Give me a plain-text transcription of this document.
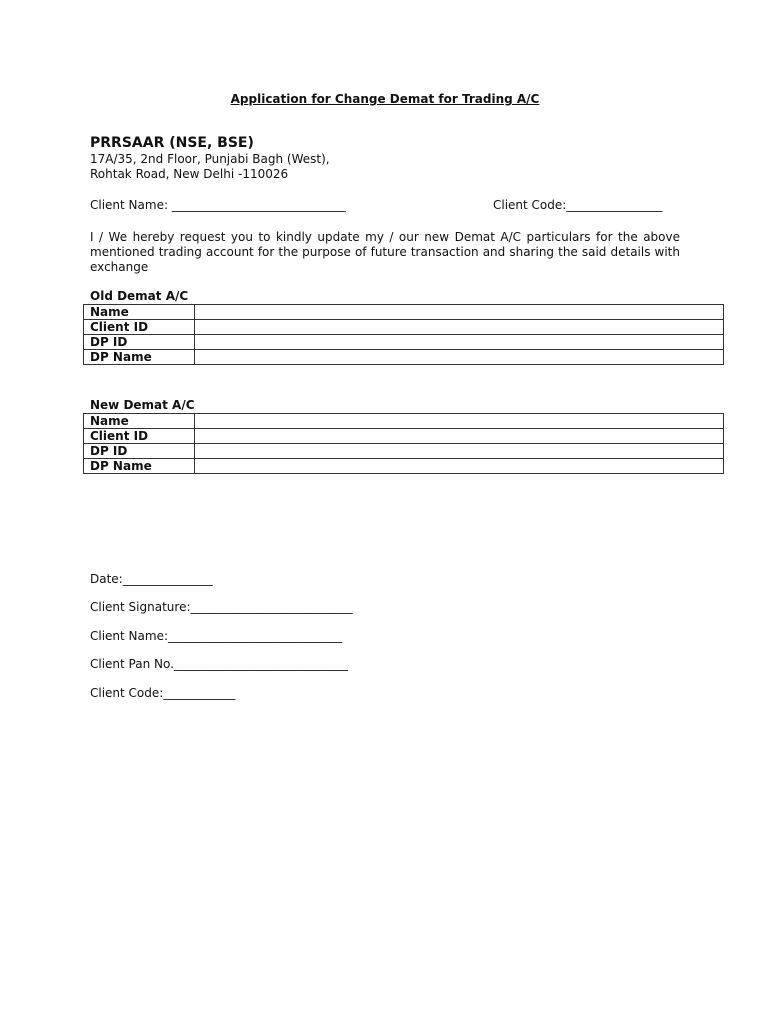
Application for Change Demat for Trading A/C
PRRSAAR (NSE, BSE)
17A/35, 2nd Floor, Punjabi Bagh (West),
Rohtak Road, New Delhi -110026
Client Name: _____________________________	Client Code:________________
I / We hereby request you to kindly update my / our new Demat A/C particulars for the above mentioned trading account for the purpose of future transaction and sharing the said details with exchange
Old Demat A/C
Name	
Client ID	
DP ID	
DP Name	
New Demat A/C
Name	
Client ID	
DP ID	
DP Name	
Date:_______________
Client Signature:___________________________
Client Name:_____________________________
Client Pan No._____________________________
Client Code:____________
